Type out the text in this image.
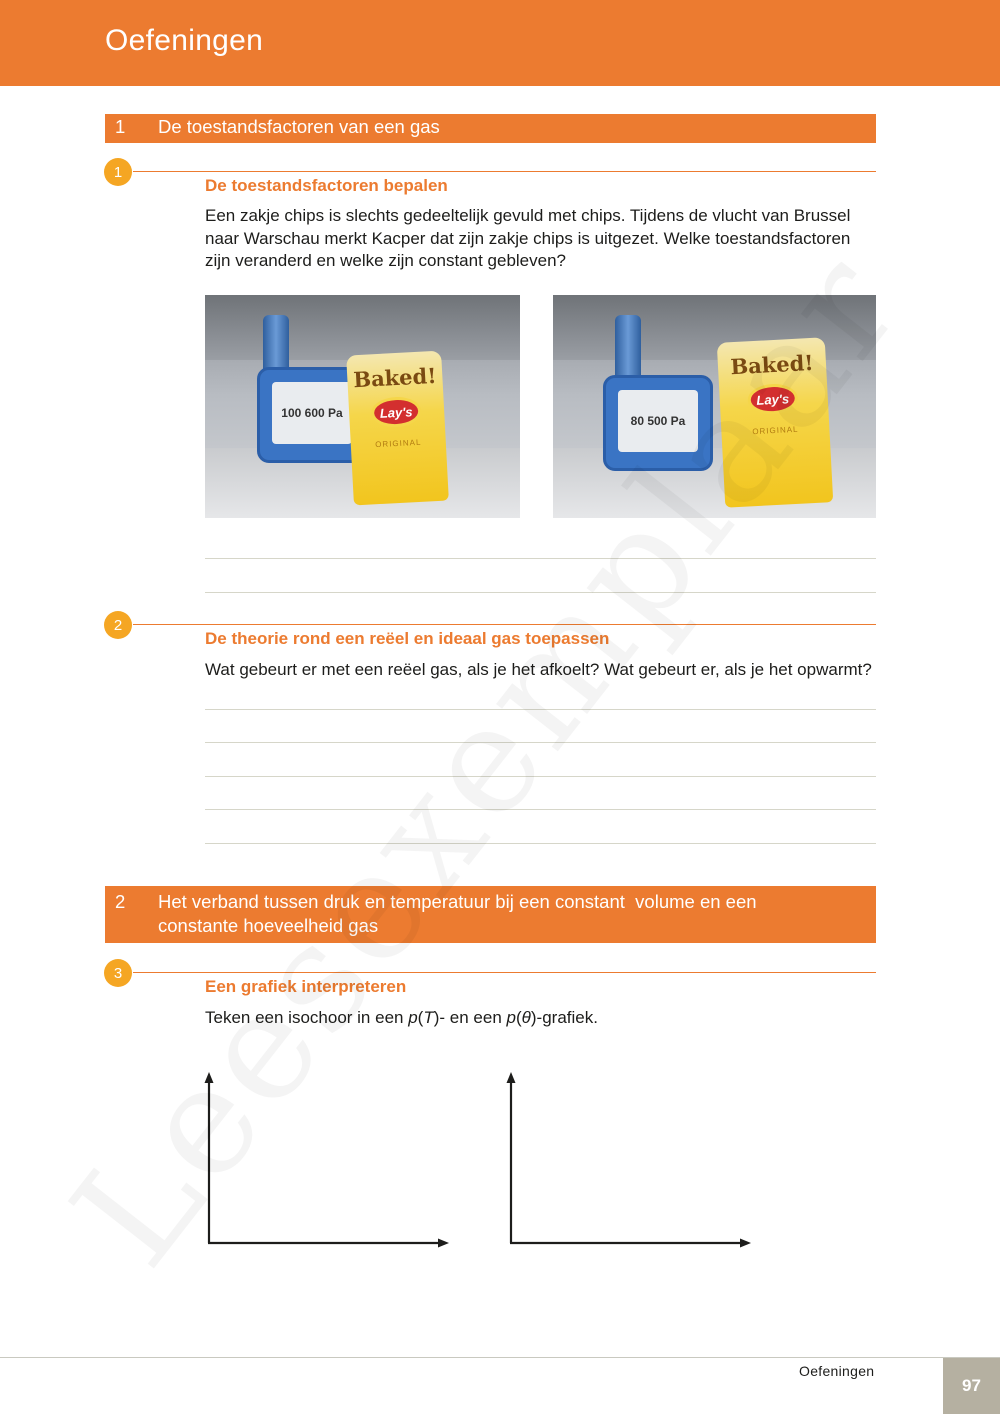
Oefeningen
1 De toestandsfactoren van een gas
1
De toestandsfactoren bepalen
Een zakje chips is slechts gedeeltelijk gevuld met chips. Tijdens de vlucht van Brussel naar Warschau merkt Kacper dat zijn zakje chips is uitgezet. Welke toestandsfactoren zijn veranderd en welke zijn constant gebleven?
100 600 Pa
Baked!
Lay's
ORIGINAL
80 500 Pa
Baked!
Lay's
ORIGINAL
2
De theorie rond een reëel en ideaal gas toepassen
Wat gebeurt er met een reëel gas, als je het afkoelt? Wat gebeurt er, als je het opwarmt?
2 Het verband tussen druk en temperatuur bij een constant  volume en een
constante hoeveelheid gas
3
Een grafiek interpreteren
Teken een isochoor in een p(T)- en een p(θ)-grafiek.
Oefeningen
97
